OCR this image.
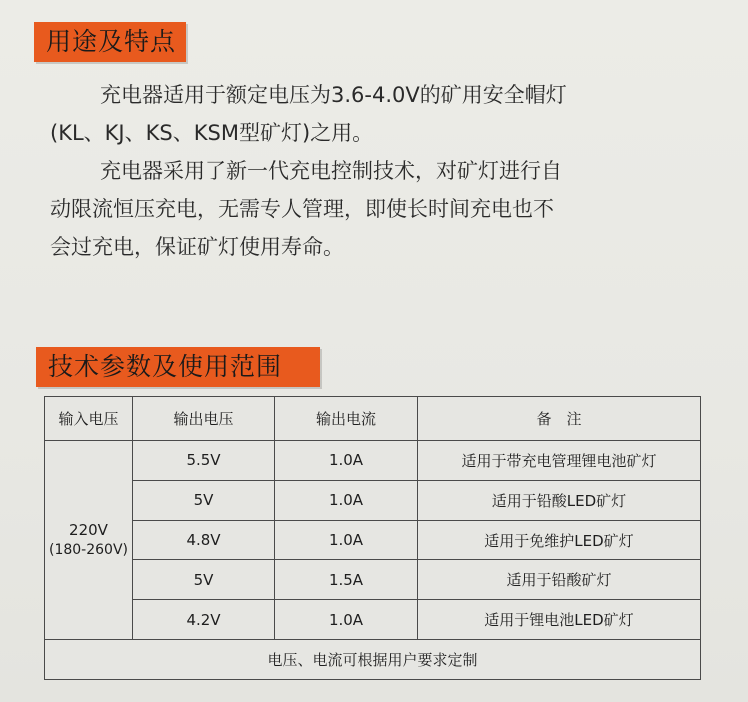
用途及特点
充电器适用于额定电压为3.6-4.0V的矿用安全帽灯
(KL、KJ、KS、KSM型矿灯)之用。
充电器采用了新一代充电控制技术，对矿灯进行自
动限流恒压充电，无需专人管理，即使长时间充电也不
会过充电，保证矿灯使用寿命。
技术参数及使用范围
输入电压	输出电压	输出电流	备　注

220V
(180-260V)	5.5V	1.0A	适用于带充电管理锂电池矿灯
	5V	1.0A	适用于铅酸LED矿灯
	4.8V	1.0A	适用于免维护LED矿灯
	5V	1.5A	适用于铅酸矿灯
	4.2V	1.0A	适用于锂电池LED矿灯
电压、电流可根据用户要求定制			
